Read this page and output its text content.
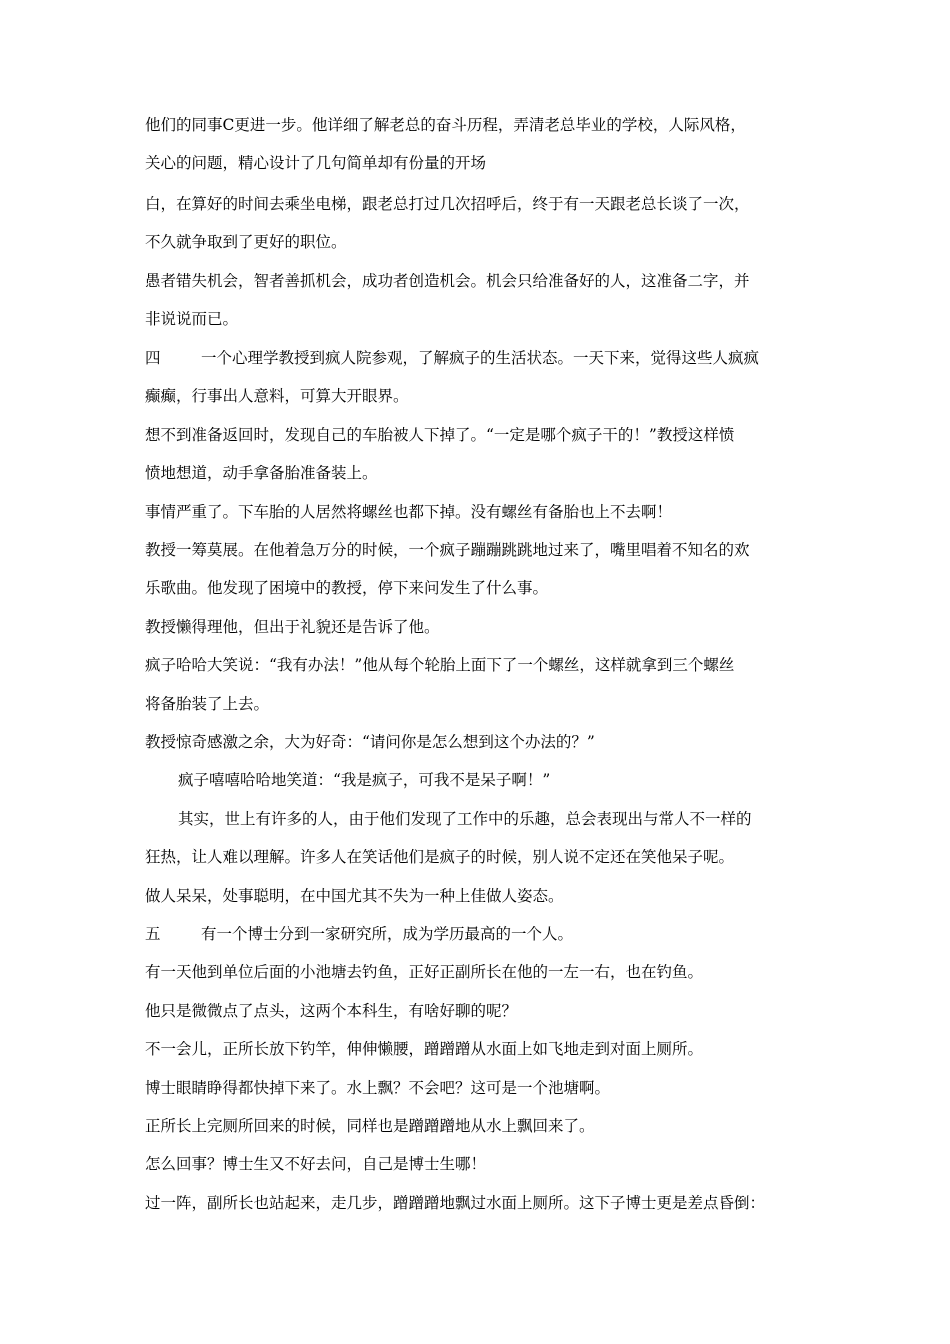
他们的同事C更进一步。他详细了解老总的奋斗历程，弄清老总毕业的学校，人际风格，
关心的问题，精心设计了几句简单却有份量的开场
白，在算好的时间去乘坐电梯，跟老总打过几次招呼后，终于有一天跟老总长谈了一次，
不久就争取到了更好的职位。
愚者错失机会，智者善抓机会，成功者创造机会。机会只给准备好的人，这准备二字，并
非说说而已。
四	一个心理学教授到疯人院参观，了解疯子的生活状态。一天下来，觉得这些人疯疯
癫癫，行事出人意料，可算大开眼界。
想不到准备返回时，发现自己的车胎被人下掉了。“一定是哪个疯子干的！”教授这样愤
愤地想道，动手拿备胎准备装上。
事情严重了。下车胎的人居然将螺丝也都下掉。没有螺丝有备胎也上不去啊！
教授一筹莫展。在他着急万分的时候，一个疯子蹦蹦跳跳地过来了，嘴里唱着不知名的欢
乐歌曲。他发现了困境中的教授，停下来问发生了什么事。
教授懒得理他，但出于礼貌还是告诉了他。
疯子哈哈大笑说：“我有办法！”他从每个轮胎上面下了一个螺丝，这样就拿到三个螺丝
将备胎装了上去。
教授惊奇感激之余，大为好奇：“请问你是怎么想到这个办法的？”
疯子嘻嘻哈哈地笑道：“我是疯子，可我不是呆子啊！”
其实，世上有许多的人，由于他们发现了工作中的乐趣，总会表现出与常人不一样的
狂热，让人难以理解。许多人在笑话他们是疯子的时候，别人说不定还在笑他呆子呢。
做人呆呆，处事聪明，在中国尤其不失为一种上佳做人姿态。
五	有一个博士分到一家研究所，成为学历最高的一个人。
有一天他到单位后面的小池塘去钓鱼，正好正副所长在他的一左一右，也在钓鱼。
他只是微微点了点头，这两个本科生，有啥好聊的呢？
不一会儿，正所长放下钓竿，伸伸懒腰，蹭蹭蹭从水面上如飞地走到对面上厕所。
博士眼睛睁得都快掉下来了。水上飘？不会吧？这可是一个池塘啊。
正所长上完厕所回来的时候，同样也是蹭蹭蹭地从水上飘回来了。
怎么回事？博士生又不好去问，自己是博士生哪！
过一阵，副所长也站起来，走几步，蹭蹭蹭地飘过水面上厕所。这下子博士更是差点昏倒：
